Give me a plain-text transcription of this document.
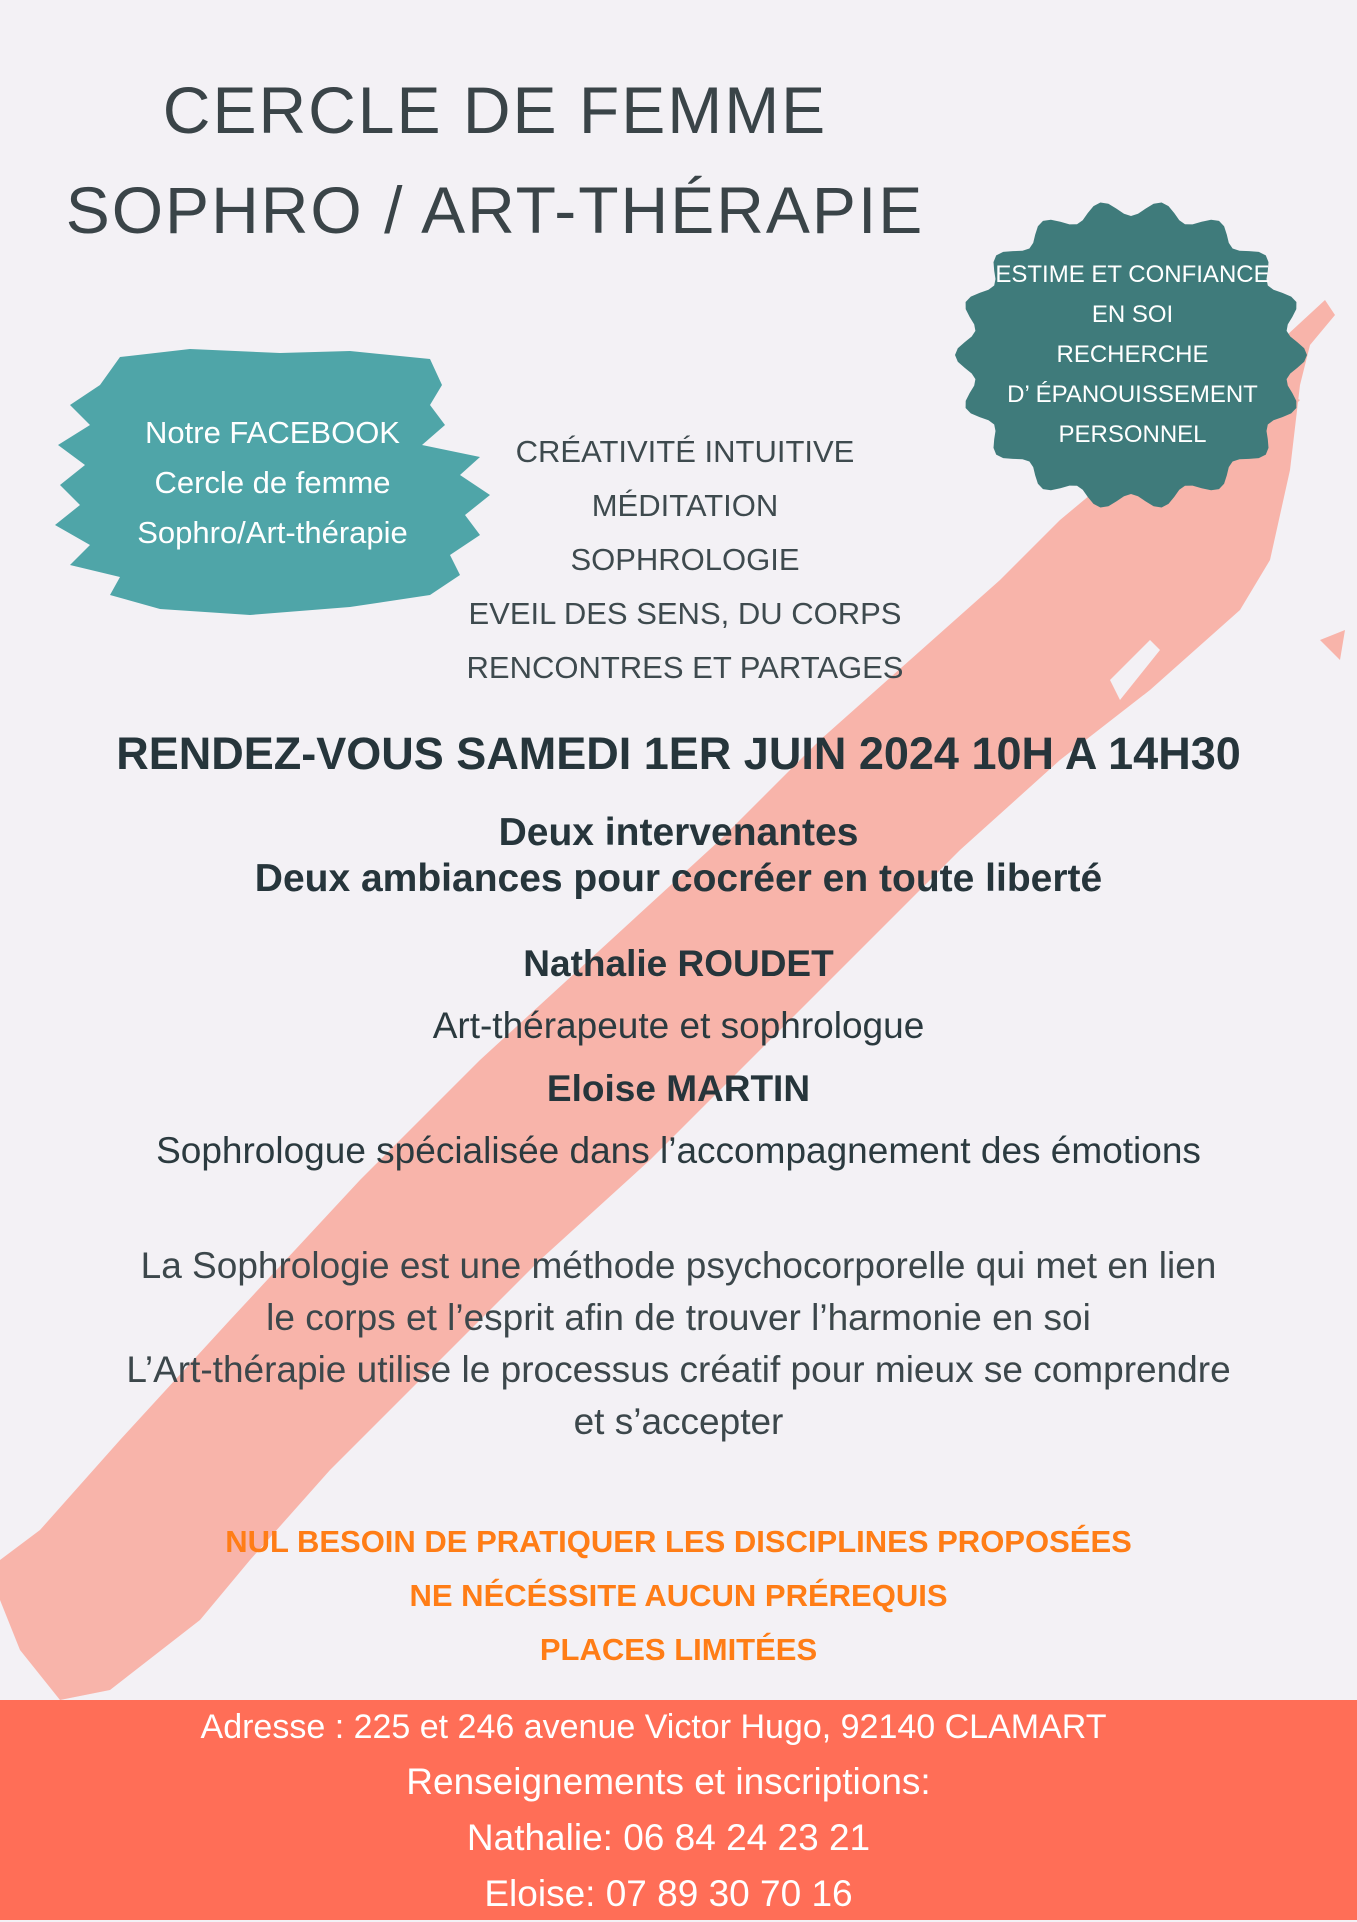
CERCLE DE FEMME
SOPHRO / ART-THÉRAPIE
Notre FACEBOOK
Cercle de femme
Sophro/Art-thérapie
ESTIME ET CONFIANCE
EN SOI
RECHERCHE
D’ ÉPANOUISSEMENT
PERSONNEL
CRÉATIVITÉ INTUITIVE
MÉDITATION
SOPHROLOGIE
EVEIL DES SENS, DU CORPS
RENCONTRES ET PARTAGES
RENDEZ-VOUS SAMEDI 1ER JUIN 2024 10H A 14H30
Deux intervenantes
Deux ambiances pour cocréer en toute liberté
Nathalie ROUDET
Art-thérapeute et sophrologue
Eloise MARTIN
Sophrologue spécialisée dans l’accompagnement des émotions
La Sophrologie est une méthode psychocorporelle qui met en lien
le corps et l’esprit afin de trouver l’harmonie en soi
L’Art-thérapie utilise le processus créatif pour mieux se comprendre
et s’accepter
NUL BESOIN DE PRATIQUER LES DISCIPLINES PROPOSÉES
NE NÉCÉSSITE AUCUN PRÉREQUIS
PLACES LIMITÉES
Adresse : 225 et 246 avenue Victor Hugo, 92140 CLAMART
Renseignements et inscriptions:
Nathalie: 06 84 24 23 21
Eloise: 07 89 30 70 16
